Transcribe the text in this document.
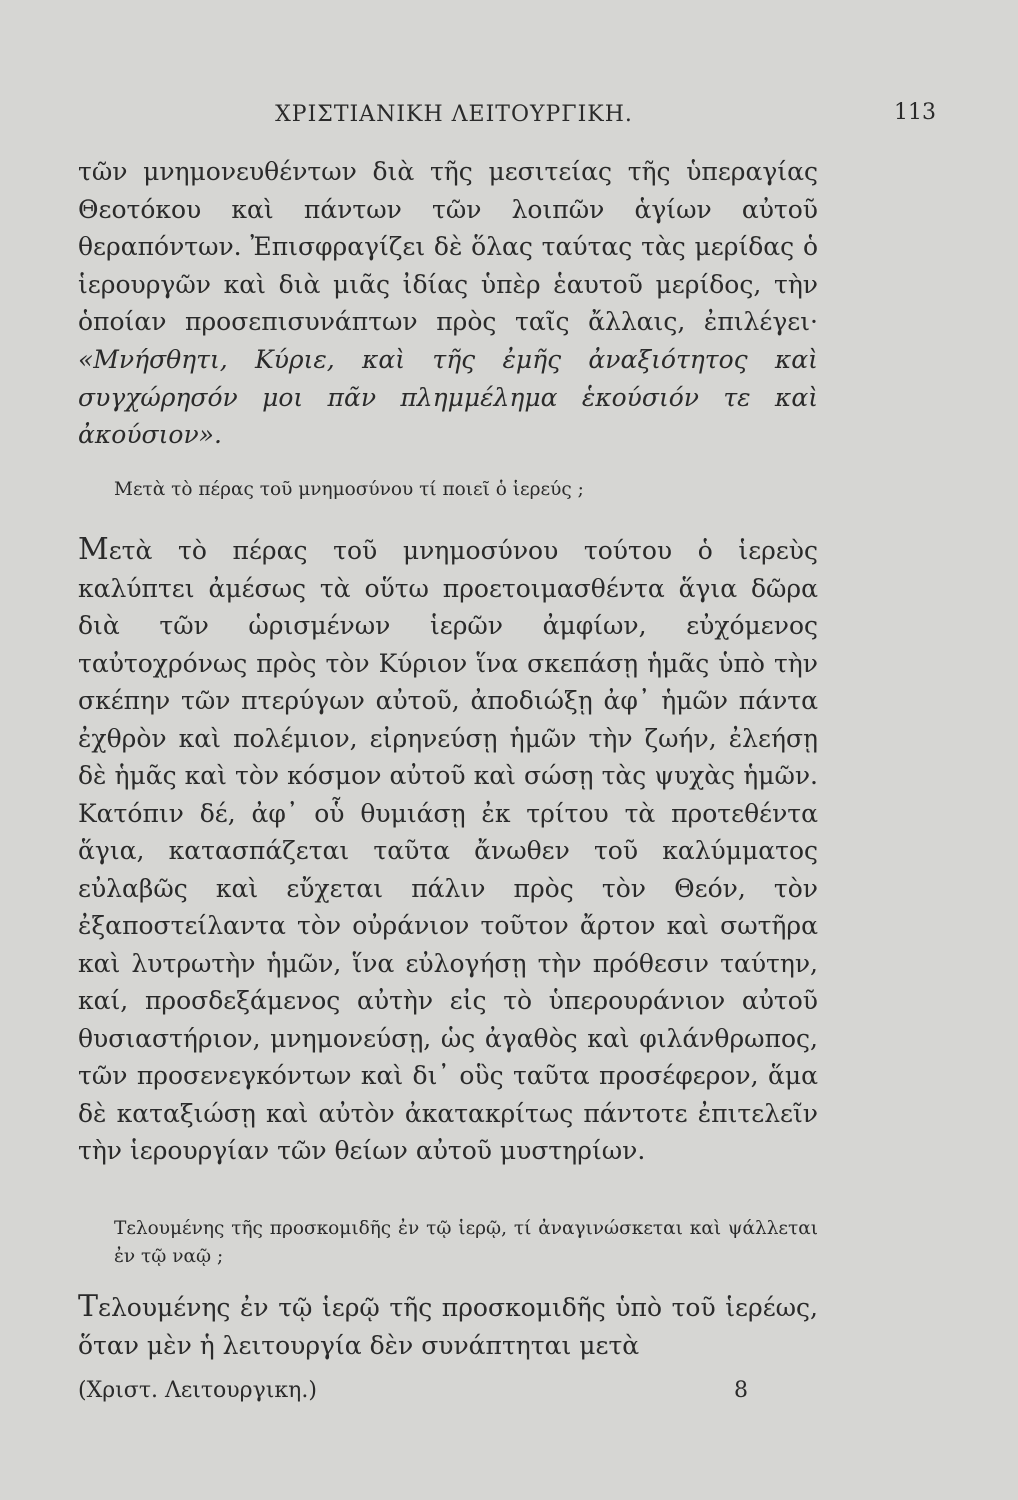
ΧΡΙΣΤΙΑΝΙΚΗ ΛΕΙΤΟΥΡΓΙΚΗ.	113

τῶν μνημονευθέντων διὰ τῆς μεσιτείας τῆς ὑπεραγίας Θεοτόκου καὶ πάντων τῶν λοιπῶν ἁγίων αὐτοῦ θεραπόντων. Ἐπισφραγίζει δὲ ὅλας ταύτας τὰς μερίδας ὁ ἱερουργῶν καὶ διὰ μιᾶς ἰδίας ὑπὲρ ἑαυτοῦ μερίδος, τὴν ὁποίαν προσεπισυνάπτων πρὸς ταῖς ἄλλαις, ἐπιλέγει· «Μνήσθητι, Κύριε, καὶ τῆς ἐμῆς ἀναξιότητος καὶ συγχώρησόν μοι πᾶν πλημμέλημα ἑκούσιόν τε καὶ ἀκούσιον».

Μετὰ τὸ πέρας τοῦ μνημοσύνου τί ποιεῖ ὁ ἱερεύς ;

Μετὰ τὸ πέρας τοῦ μνημοσύνου τούτου ὁ ἱερεὺς καλύπτει ἀμέσως τὰ οὕτω προετοιμασθέντα ἅγια δῶρα διὰ τῶν ὡρισμένων ἱερῶν ἀμφίων, εὐχόμενος ταὐτοχρόνως πρὸς τὸν Κύριον ἵνα σκεπάσῃ ἡμᾶς ὑπὸ τὴν σκέπην τῶν πτερύγων αὐτοῦ, ἀποδιώξῃ ἀφ᾽ ἡμῶν πάντα ἐχθρὸν καὶ πολέμιον, εἰρηνεύσῃ ἡμῶν τὴν ζωήν, ἐλεήσῃ δὲ ἡμᾶς καὶ τὸν κόσμον αὐτοῦ καὶ σώσῃ τὰς ψυχὰς ἡμῶν. Κατόπιν δέ, ἀφ᾽ οὗ θυμιάσῃ ἐκ τρίτου τὰ προτεθέντα ἅγια, κατασπάζεται ταῦτα ἄνωθεν τοῦ καλύμματος εὐλαβῶς καὶ εὔχεται πάλιν πρὸς τὸν Θεόν, τὸν ἐξαποστείλαντα τὸν οὐράνιον τοῦτον ἄρτον καὶ σωτῆρα καὶ λυτρωτὴν ἡμῶν, ἵνα εὐλογήσῃ τὴν πρόθεσιν ταύτην, καί, προσδεξάμενος αὐτὴν εἰς τὸ ὑπερουράνιον αὐτοῦ θυσιαστήριον, μνημονεύσῃ, ὡς ἀγαθὸς καὶ φιλάνθρωπος, τῶν προσενεγκόντων καὶ δι᾽ οὓς ταῦτα προσέφερον, ἅμα δὲ καταξιώσῃ καὶ αὐτὸν ἀκατακρίτως πάντοτε ἐπιτελεῖν τὴν ἱερουργίαν τῶν θείων αὐτοῦ μυστηρίων.

Τελουμένης τῆς προσκομιδῆς ἐν τῷ ἱερῷ, τί ἀναγινώσκεται καὶ ψάλλεται ἐν τῷ ναῷ ;

Τελουμένης ἐν τῷ ἱερῷ τῆς προσκομιδῆς ὑπὸ τοῦ ἱερέως, ὅταν μὲν ἡ λειτουργία δὲν συνάπτηται μετὰ

(Χριστ. Λειτουργικη.)	8
